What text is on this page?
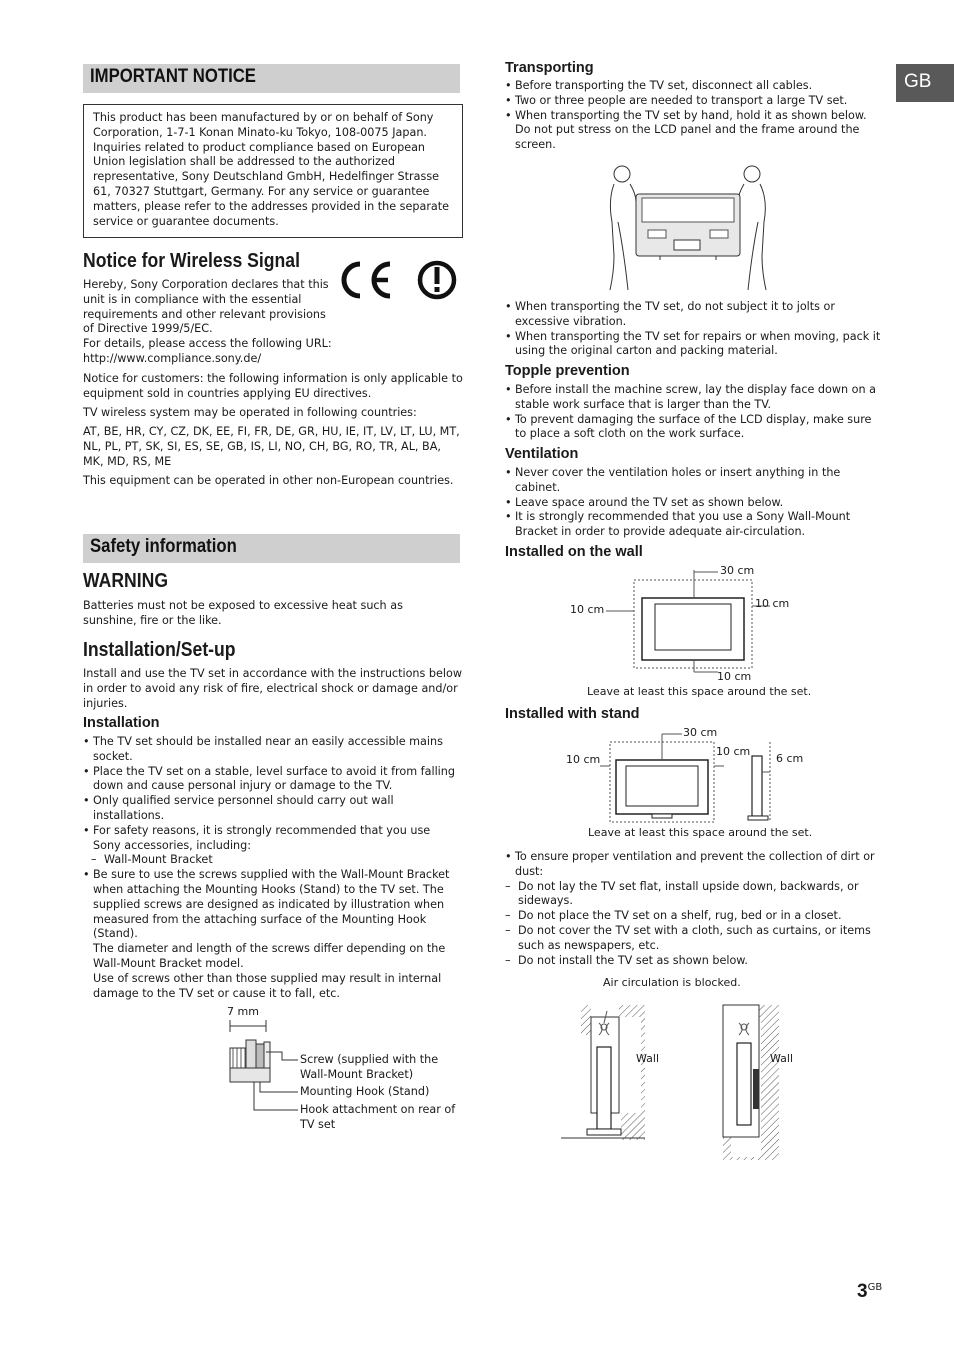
GB
IMPORTANT NOTICE
This product has been manufactured by or on behalf of Sony Corporation, 1-7-1 Konan Minato-ku Tokyo, 108-0075 Japan. Inquiries related to product compliance based on European Union legislation shall be addressed to the authorized representative, Sony Deutschland GmbH, Hedelfinger Strasse 61, 70327 Stuttgart, Germany. For any service or guarantee matters, please refer to the addresses provided in the separate service or guarantee documents.
Notice for Wireless Signal
Hereby, Sony Corporation declares that this unit is in compliance with the essential requirements and other relevant provisions of Directive 1999/5/EC.
For details, please access the following URL:
http://www.compliance.sony.de/
Notice for customers: the following information is only applicable to equipment sold in countries applying EU directives.
TV wireless system may be operated in following countries:
AT, BE, HR, CY, CZ, DK, EE, FI, FR, DE, GR, HU, IE, IT, LV, LT, LU, MT, NL, PL, PT, SK, SI, ES, SE, GB, IS, LI, NO, CH, BG, RO, TR, AL, BA, MK, MD, RS, ME
This equipment can be operated in other non-European countries.
Safety information
WARNING
Batteries must not be exposed to excessive heat such as sunshine, fire or the like.
Installation/Set-up
Install and use the TV set in accordance with the instructions below in order to avoid any risk of fire, electrical shock or damage and/or injuries.
Installation
• The TV set should be installed near an easily accessible mains socket.
• Place the TV set on a stable, level surface to avoid it from falling down and cause personal injury or damage to the TV.
• Only qualified service personnel should carry out wall installations.
• For safety reasons, it is strongly recommended that you use Sony accessories, including:
– Wall-Mount Bracket
• Be sure to use the screws supplied with the Wall-Mount Bracket when attaching the Mounting Hooks (Stand) to the TV set. The supplied screws are designed as indicated by illustration when measured from the attaching surface of the Mounting Hook (Stand).
The diameter and length of the screws differ depending on the Wall-Mount Bracket model.
Use of screws other than those supplied may result in internal damage to the TV set or cause it to fall, etc.
7 mm
Screw (supplied with the Wall-Mount Bracket)
Mounting Hook (Stand)
Hook attachment on rear of TV set
Transporting
• Before transporting the TV set, disconnect all cables.
• Two or three people are needed to transport a large TV set.
• When transporting the TV set by hand, hold it as shown below. Do not put stress on the LCD panel and the frame around the screen.
• When transporting the TV set, do not subject it to jolts or excessive vibration.
• When transporting the TV set for repairs or when moving, pack it using the original carton and packing material.
Topple prevention
• Before install the machine screw, lay the display face down on a stable work surface that is larger than the TV.
• To prevent damaging the surface of the LCD display, make sure to place a soft cloth on the work surface.
Ventilation
• Never cover the ventilation holes or insert anything in the cabinet.
• Leave space around the TV set as shown below.
• It is strongly recommended that you use a Sony Wall-Mount Bracket in order to provide adequate air-circulation.
Installed on the wall
30 cm
10 cm	10 cm
10 cm
Leave at least this space around the set.
Installed with stand
30 cm
10 cm
10 cm
6 cm
Leave at least this space around the set.
• To ensure proper ventilation and prevent the collection of dirt or dust:
– Do not lay the TV set flat, install upside down, backwards, or sideways.
– Do not place the TV set on a shelf, rug, bed or in a closet.
– Do not cover the TV set with a cloth, such as curtains, or items such as newspapers, etc.
– Do not install the TV set as shown below.
Air circulation is blocked.
Wall	Wall
$3^{GB}$
